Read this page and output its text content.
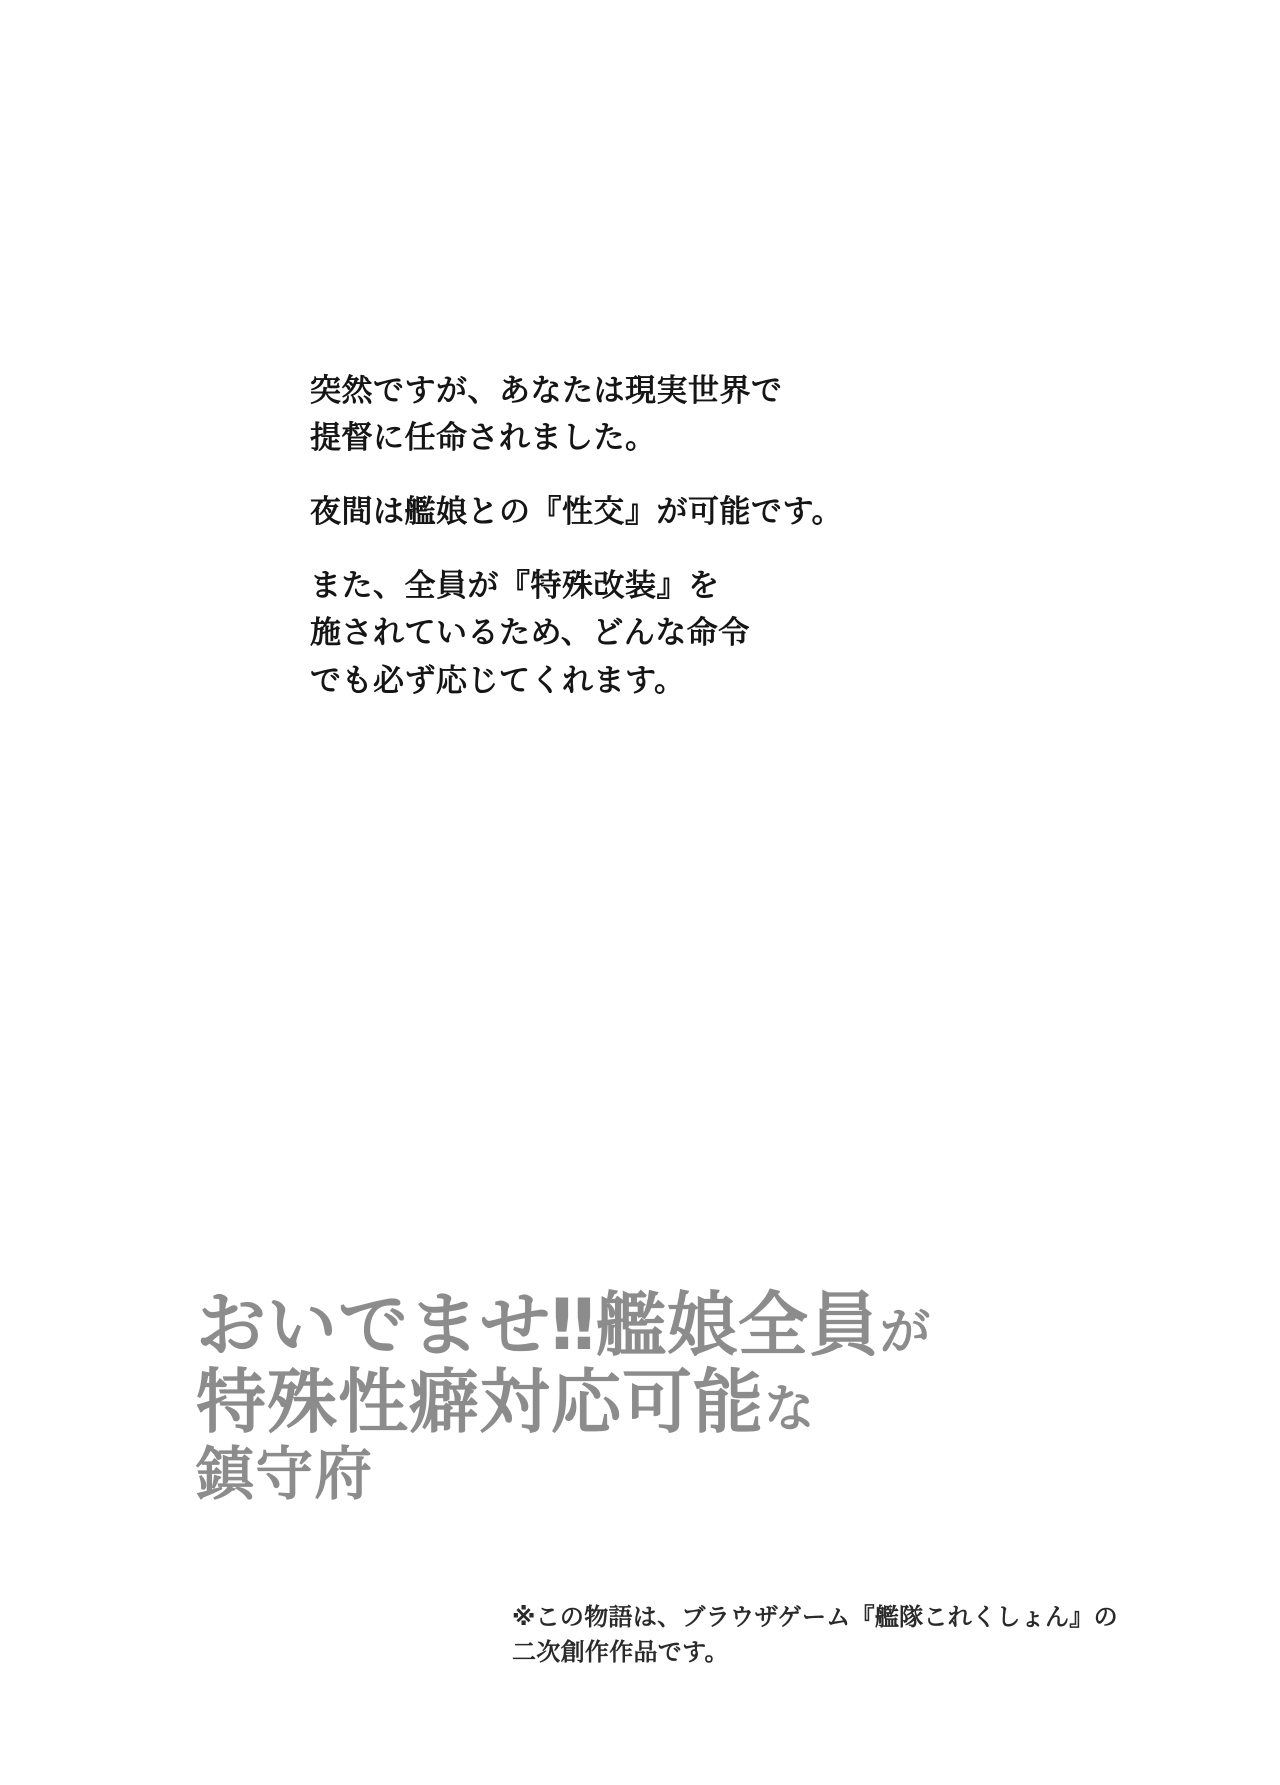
突然ですが、あなたは現実世界で
提督に任命されました。

夜間は艦娘との『性交』が可能です。

また、全員が『特殊改装』を
施されているため、どんな命令
でも必ず応じてくれます。

おいでませ‼艦娘全員が
特殊性癖対応可能な
鎮守府
※この物語は、ブラウザゲーム『艦隊これくしょん』の
二次創作作品です。
